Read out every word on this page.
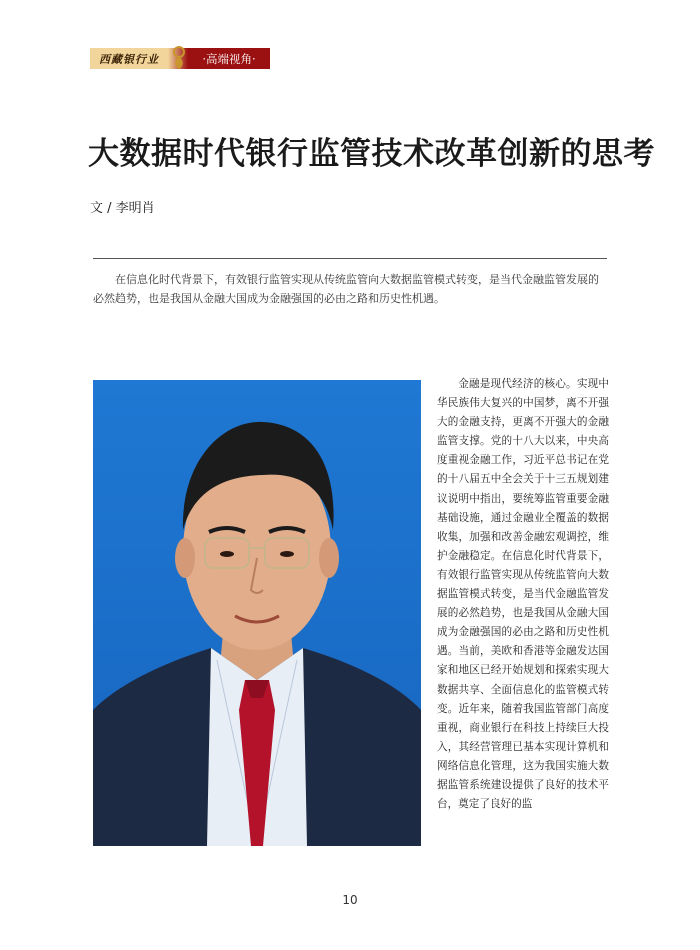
西藏银行业	·高端视角·
大数据时代银行监管技术改革创新的思考
文 / 李明肖

在信息化时代背景下，有效银行监管实现从传统监管向大数据监管模式转变，是当代金融监管发展的必然趋势，也是我国从金融大国成为金融强国的必由之路和历史性机遇。

金融是现代经济的核心。实现中华民族伟大复兴的中国梦，离不开强大的金融支持，更离不开强大的金融监管支撑。党的十八大以来，中央高度重视金融工作，习近平总书记在党的十八届五中全会关于十三五规划建议说明中指出，要统筹监管重要金融基础设施，通过金融业全覆盖的数据收集，加强和改善金融宏观调控，维护金融稳定。在信息化时代背景下，有效银行监管实现从传统监管向大数据监管模式转变，是当代金融监管发展的必然趋势，也是我国从金融大国成为金融强国的必由之路和历史性机遇。当前，美欧和香港等金融发达国家和地区已经开始规划和探索实现大数据共享、全面信息化的监管模式转变。近年来，随着我国监管部门高度重视，商业银行在科技上持续巨大投入，其经营管理已基本实现计算机和网络信息化管理，这为我国实施大数据监管系统建设提供了良好的技术平台，奠定了良好的监

10
